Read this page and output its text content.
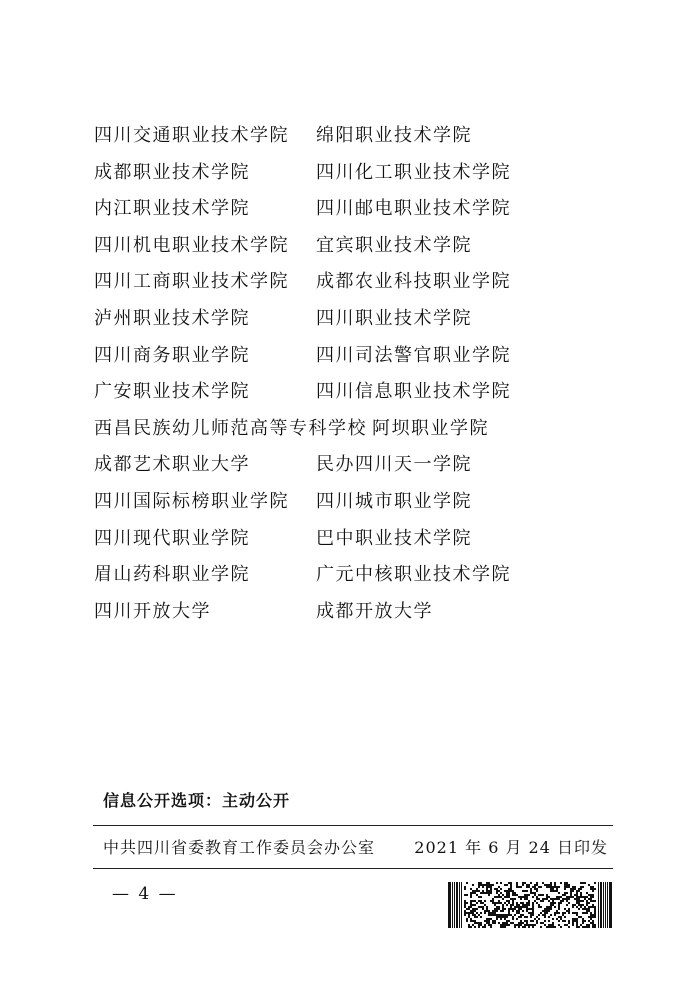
四川交通职业技术学院 绵阳职业技术学院
成都职业技术学院	四川化工职业技术学院
内江职业技术学院	四川邮电职业技术学院
四川机电职业技术学院 宜宾职业技术学院
四川工商职业技术学院 成都农业科技职业学院
泸州职业技术学院	四川职业技术学院
四川商务职业学院	四川司法警官职业学院
广安职业技术学院	四川信息职业技术学院
西昌民族幼儿师范高等专科学校 阿坝职业学院
成都艺术职业大学	民办四川天一学院
四川国际标榜职业学院 四川城市职业学院
四川现代职业学院	巴中职业技术学院
眉山药科职业学院	广元中核职业技术学院
四川开放大学	成都开放大学
信息公开选项：主动公开
中共四川省委教育工作委员会办公室 2021 年 6 月 24 日印发
— 4 —
